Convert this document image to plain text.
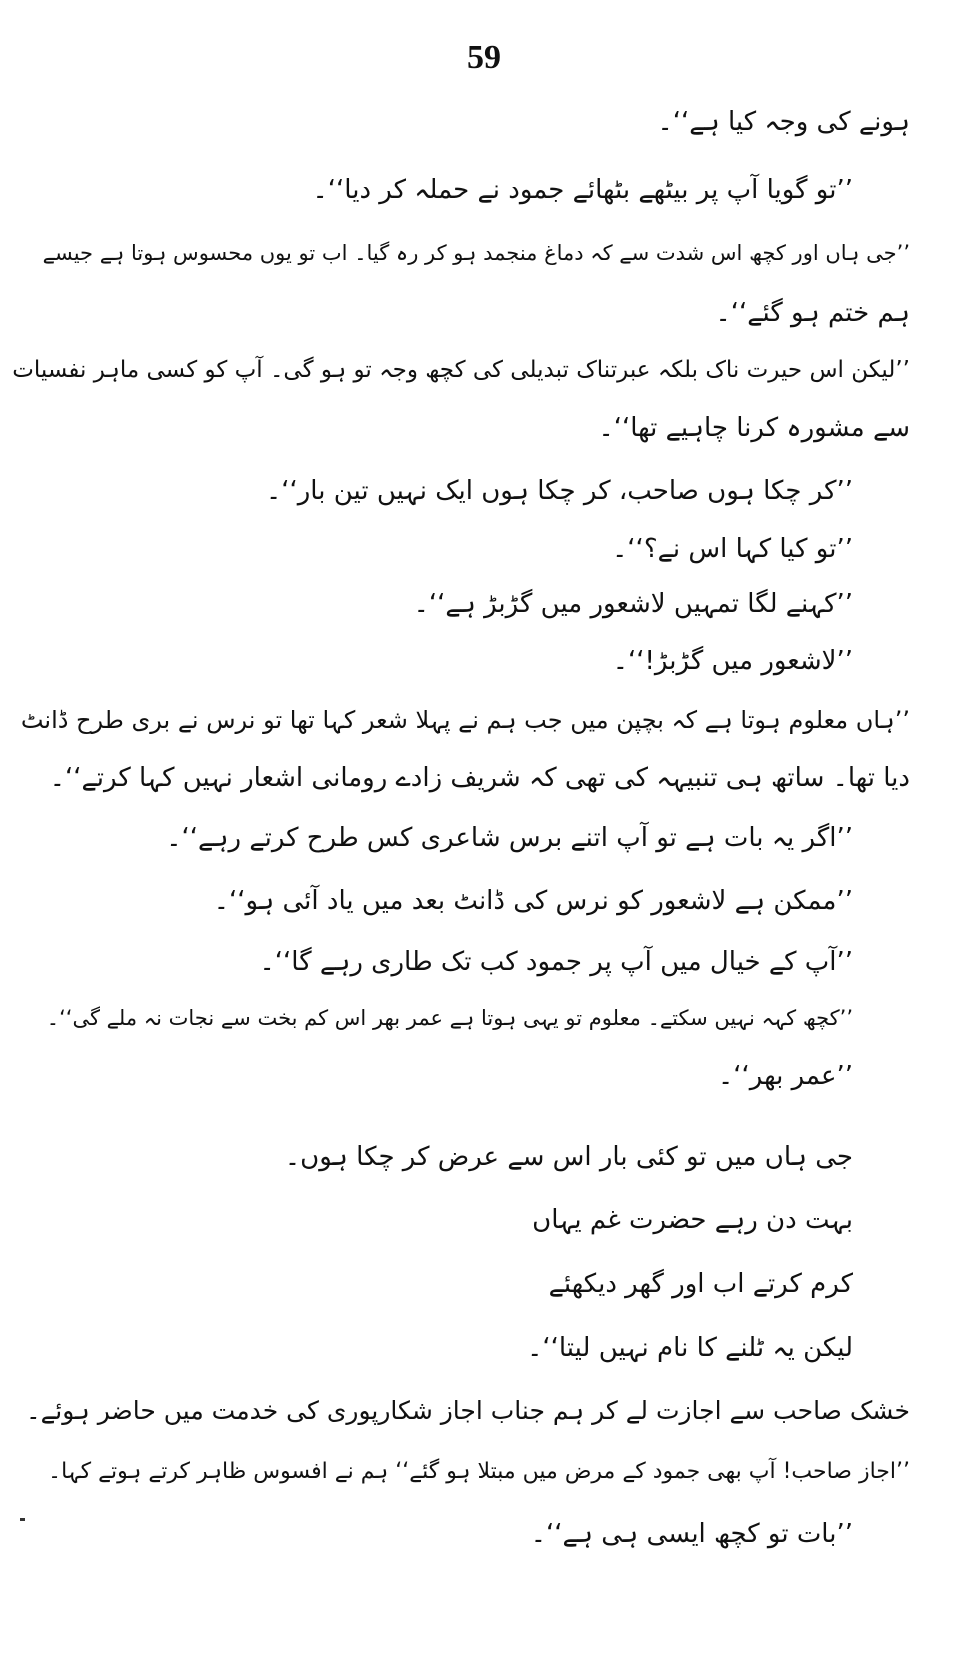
59
ہونے کی وجہ کیا ہے‘‘۔
’’تو گویا آپ پر بیٹھے بٹھائے جمود نے حملہ کر دیا‘‘۔
’’جی ہاں اور کچھ اس شدت سے کہ دماغ منجمد ہو کر رہ گیا۔ اب تو یوں محسوس ہوتا ہے جیسے
ہم ختم ہو گئے‘‘۔
’’لیکن اس حیرت ناک بلکہ عبرتناک تبدیلی کی کچھ وجہ تو ہو گی۔ آپ کو کسی ماہر نفسیات
سے مشورہ کرنا چاہیے تھا‘‘۔
’’کر چکا ہوں صاحب، کر چکا ہوں ایک نہیں تین بار‘‘۔
’’تو کیا کہا اس نے؟‘‘۔
’’کہنے لگا تمہیں لاشعور میں گڑبڑ ہے‘‘۔
’’لاشعور میں گڑبڑ!‘‘۔
’’ہاں معلوم ہوتا ہے کہ بچپن میں جب ہم نے پہلا شعر کہا تھا تو نرس نے بری طرح ڈانٹ
دیا تھا۔ ساتھ ہی تنبیہہ کی تھی کہ شریف زادے رومانی اشعار نہیں کہا کرتے‘‘۔
’’اگر یہ بات ہے تو آپ اتنے برس شاعری کس طرح کرتے رہے‘‘۔
’’ممکن ہے لاشعور کو نرس کی ڈانٹ بعد میں یاد آئی ہو‘‘۔
’’آپ کے خیال میں آپ پر جمود کب تک طاری رہے گا‘‘۔
’’کچھ کہہ نہیں سکتے۔ معلوم تو یہی ہوتا ہے عمر بھر اس کم بخت سے نجات نہ ملے گی‘‘۔
’’عمر بھر‘‘۔
جی ہاں میں تو کئی بار اس سے عرض کر چکا ہوں۔
بہت دن رہے حضرت غم یہاں
کرم کرتے اب اور گھر دیکھئے
لیکن یہ ٹلنے کا نام نہیں لیتا‘‘۔
خشک صاحب سے اجازت لے کر ہم جناب اجاز شکارپوری کی خدمت میں حاضر ہوئے۔
’’اجاز صاحب! آپ بھی جمود کے مرض میں مبتلا ہو گئے‘‘ ہم نے افسوس ظاہر کرتے ہوتے کہا۔
’’بات تو کچھ ایسی ہی ہے‘‘۔
